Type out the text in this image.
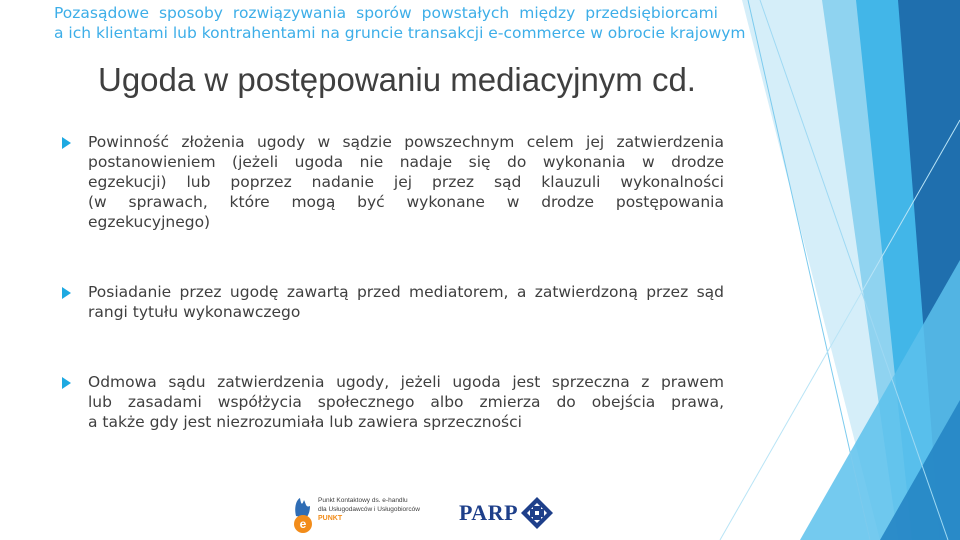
Pozasądowe sposoby rozwiązywania sporów powstałych między przedsiębiorcami
a ich klientami lub kontrahentami na gruncie transakcji e-commerce w obrocie krajowym
Ugoda w postępowaniu mediacyjnym cd.
Powinność złożenia ugody w sądzie powszechnym celem jej zatwierdzenia
postanowieniem (jeżeli ugoda nie nadaje się do wykonania w drodze
egzekucji) lub poprzez nadanie jej przez sąd klauzuli wykonalności
(w sprawach, które mogą być wykonane w drodze postępowania
egzekucyjnego)
Posiadanie przez ugodę zawartą przed mediatorem, a zatwierdzoną przez sąd
rangi tytułu wykonawczego
Odmowa sądu zatwierdzenia ugody, jeżeli ugoda jest sprzeczna z prawem
lub zasadami współżycia społecznego albo zmierza do obejścia prawa,
a także gdy jest niezrozumiała lub zawiera sprzeczności
e
Punkt Kontaktowy ds. e-handlu
dla Usługodawców i Usługobiorców
PUNKT	PARP
